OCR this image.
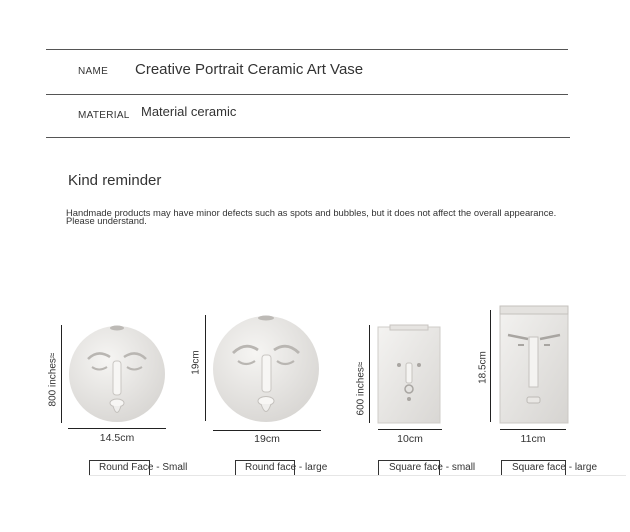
NAME Creative Portrait Ceramic Art Vase
MATERIAL Material ceramic
Kind reminder
Handmade products may have minor defects such as spots and bubbles, but it does not affect the overall appearance. Please understand.
800 inches≈
14.5cm
19cm
19cm
600 inches≈
10cm
18.5cm
11cm
Round Face - Small	Round face - large	Square face - small	Square face - large
